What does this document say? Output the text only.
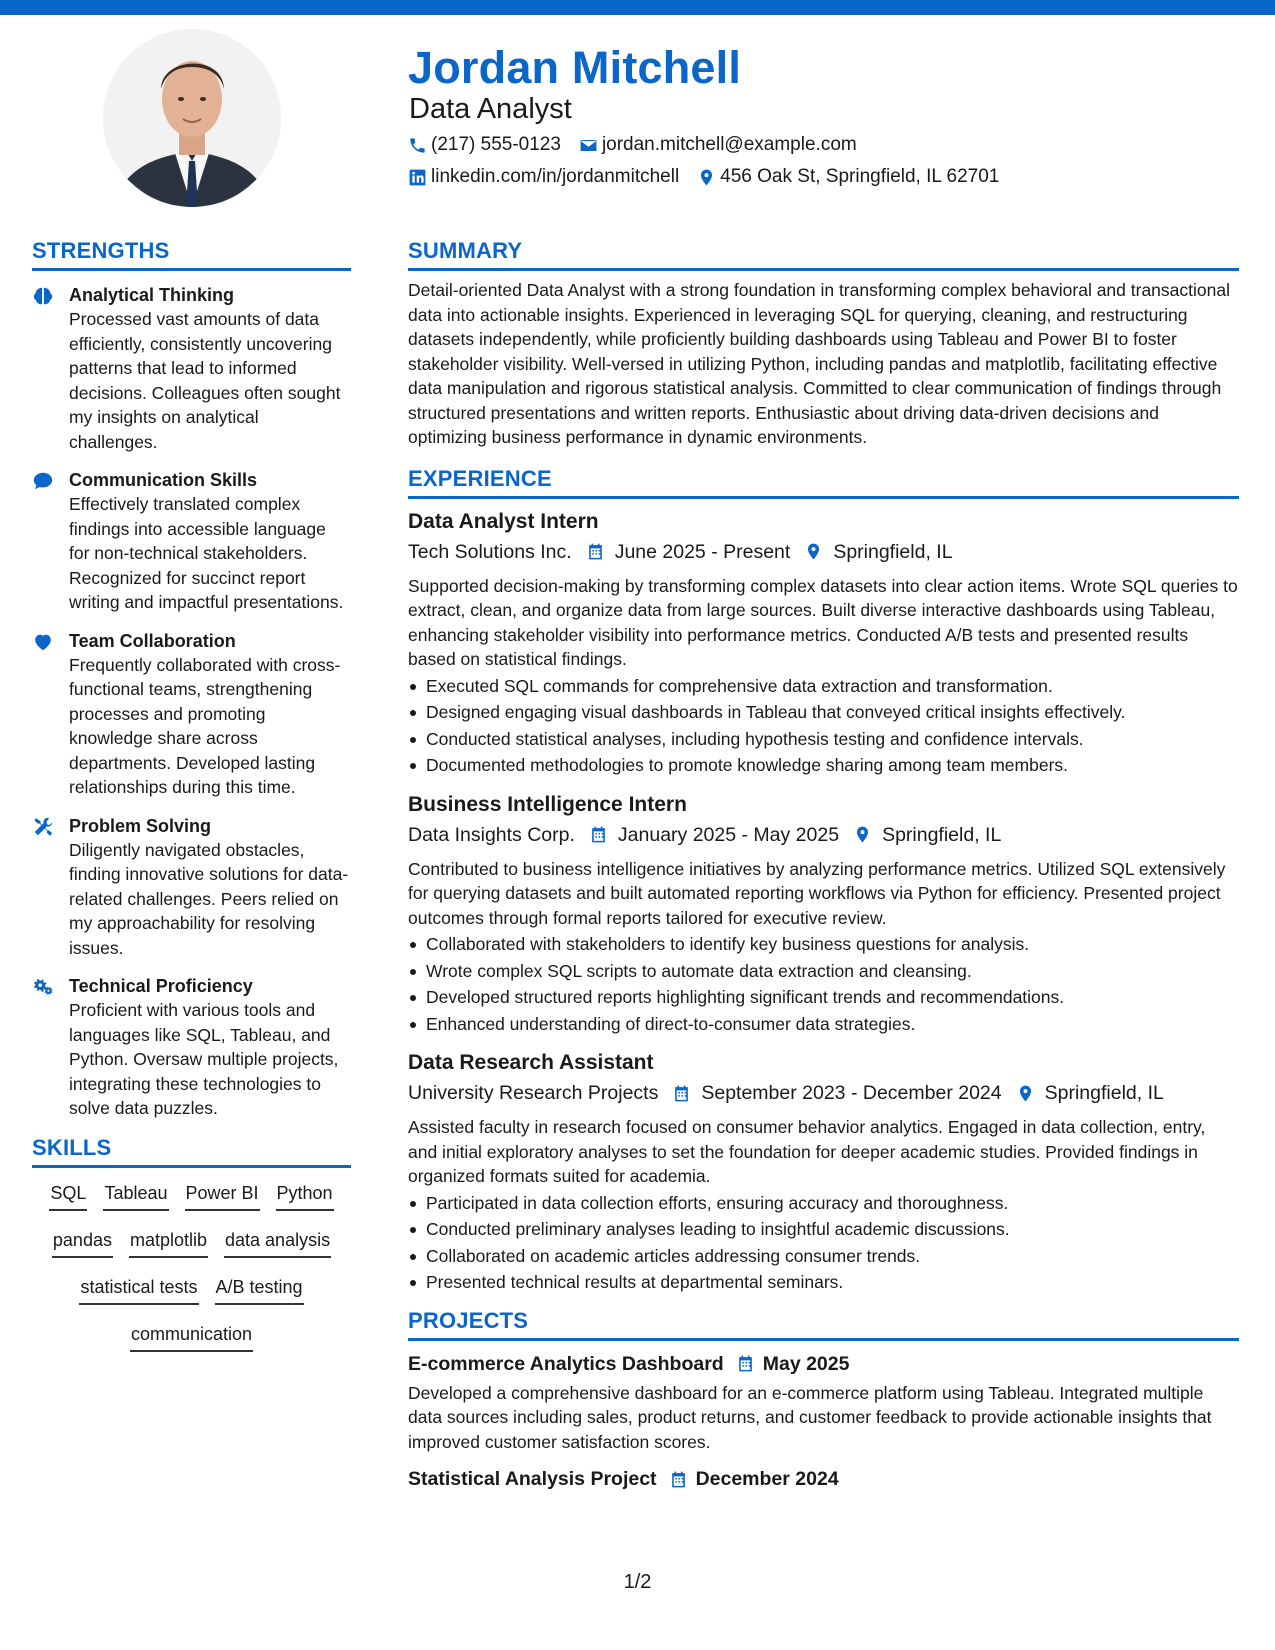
Jordan Mitchell
Data Analyst
(217) 555-0123 jordan.mitchell@example.com
linkedin.com/in/jordanmitchell 456 Oak St, Springfield, IL 62701
STRENGTHS
Analytical Thinking
Processed vast amounts of data efficiently, consistently uncovering patterns that lead to informed decisions. Colleagues often sought my insights on analytical challenges.
Communication Skills
Effectively translated complex findings into accessible language for non-technical stakeholders. Recognized for succinct report writing and impactful presentations.
Team Collaboration
Frequently collaborated with cross-functional teams, strengthening processes and promoting knowledge share across departments. Developed lasting relationships during this time.
Problem Solving
Diligently navigated obstacles, finding innovative solutions for data-related challenges. Peers relied on my approachability for resolving issues.
Technical Proficiency
Proficient with various tools and languages like SQL, Tableau, and Python. Oversaw multiple projects, integrating these technologies to solve data puzzles.
SKILLS
SQL Tableau Power BI Python
pandas matplotlib data analysis
statistical tests A/B testing
communication
SUMMARY
Detail-oriented Data Analyst with a strong foundation in transforming complex behavioral and transactional data into actionable insights. Experienced in leveraging SQL for querying, cleaning, and restructuring datasets independently, while proficiently building dashboards using Tableau and Power BI to foster stakeholder visibility. Well-versed in utilizing Python, including pandas and matplotlib, facilitating effective data manipulation and rigorous statistical analysis. Committed to clear communication of findings through structured presentations and written reports. Enthusiastic about driving data-driven decisions and optimizing business performance in dynamic environments.
EXPERIENCE
Data Analyst Intern
Tech Solutions Inc. June 2025 - Present Springfield, IL
Supported decision-making by transforming complex datasets into clear action items. Wrote SQL queries to extract, clean, and organize data from large sources. Built diverse interactive dashboards using Tableau, enhancing stakeholder visibility into performance metrics. Conducted A/B tests and presented results based on statistical findings.
Executed SQL commands for comprehensive data extraction and transformation.
Designed engaging visual dashboards in Tableau that conveyed critical insights effectively.
Conducted statistical analyses, including hypothesis testing and confidence intervals.
Documented methodologies to promote knowledge sharing among team members.
Business Intelligence Intern
Data Insights Corp. January 2025 - May 2025 Springfield, IL
Contributed to business intelligence initiatives by analyzing performance metrics. Utilized SQL extensively for querying datasets and built automated reporting workflows via Python for efficiency. Presented project outcomes through formal reports tailored for executive review.
Collaborated with stakeholders to identify key business questions for analysis.
Wrote complex SQL scripts to automate data extraction and cleansing.
Developed structured reports highlighting significant trends and recommendations.
Enhanced understanding of direct-to-consumer data strategies.
Data Research Assistant
University Research Projects September 2023 - December 2024 Springfield, IL
Assisted faculty in research focused on consumer behavior analytics. Engaged in data collection, entry, and initial exploratory analyses to set the foundation for deeper academic studies. Provided findings in organized formats suited for academia.
Participated in data collection efforts, ensuring accuracy and thoroughness.
Conducted preliminary analyses leading to insightful academic discussions.
Collaborated on academic articles addressing consumer trends.
Presented technical results at departmental seminars.
PROJECTS
E-commerce Analytics Dashboard May 2025
Developed a comprehensive dashboard for an e-commerce platform using Tableau. Integrated multiple data sources including sales, product returns, and customer feedback to provide actionable insights that improved customer satisfaction scores.
Statistical Analysis Project December 2024
1/2
